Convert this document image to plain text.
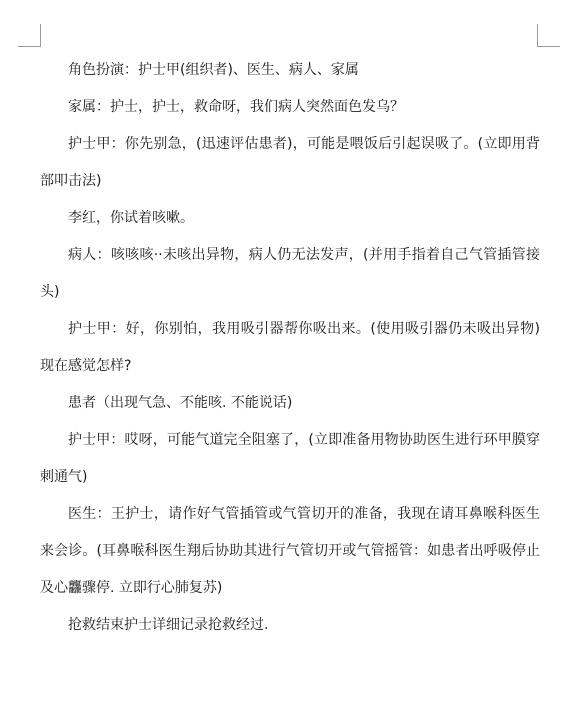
角色扮演：护士甲(组织者)、医生、病人、家属

家属：护士，护士，救命呀，我们病人突然面色发乌？

护士甲：你先别急，(迅速评估患者)，可能是喂饭后引起误吸了。(立即用背部叩击法)

李红，你试着咳嗽。

病人：咳咳咳··未咳出异物，病人仍无法发声，(并用手指着自己气管插管接头)

护士甲：好，你别怕，我用吸引器帮你吸出来。(使用吸引器仍未吸出异物)现在感觉怎样?

患者（出现气急、不能咳. 不能说话)

护士甲：哎呀，可能气道完全阻塞了，(立即准备用物协助医生进行环甲膜穿刺通气)

医生：王护士，请作好气管插管或气管切开的准备，我现在请耳鼻喉科医生来会诊。(耳鼻喉科医生翔后协助其进行气管切开或气管摇管：如患者出呼吸停止及心龘骤停. 立即行心肺复苏)

抢救结束护士详细记录抢救经过.
